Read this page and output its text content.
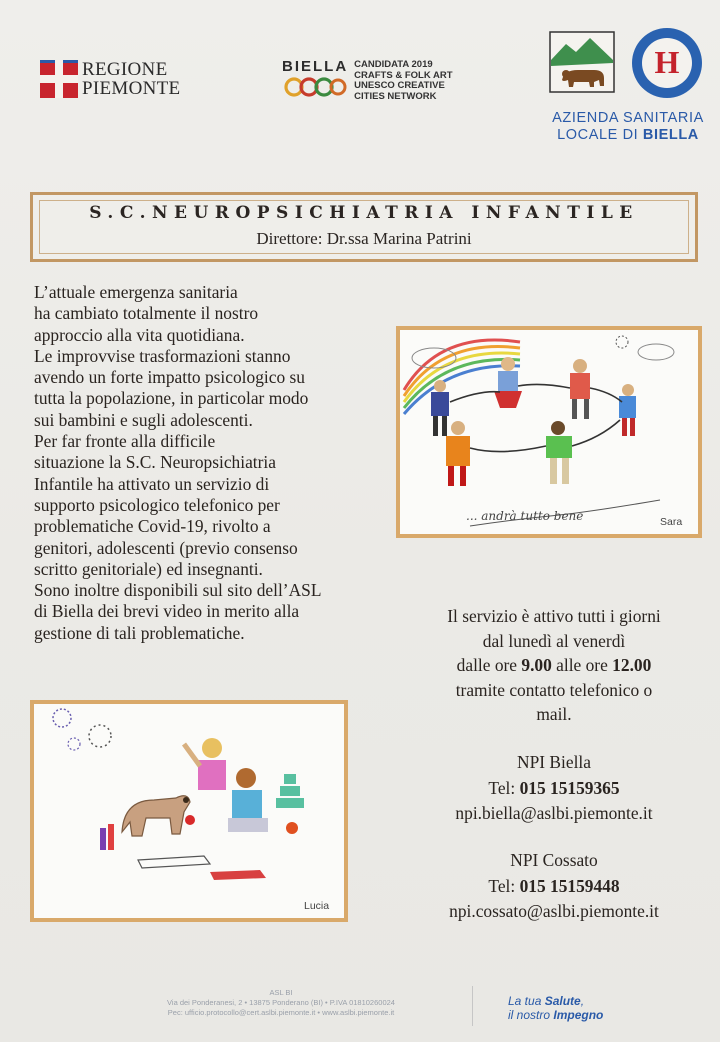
REGIONE
PIEMONTE
BIELLA CANDIDATA 2019
CRAFTS & FOLK ART
UNESCO CREATIVE
CITIES NETWORK
H
AZIENDA SANITARIA
LOCALE DI BIELLA
S.C.NEUROPSICHIATRIA INFANTILE
Direttore: Dr.ssa Marina Patrini
L’attuale emergenza sanitaria
ha cambiato totalmente il nostro
approccio alla vita quotidiana.
Le improvvise trasformazioni stanno
avendo un forte impatto psicologico su
tutta la popolazione, in particolar modo
sui bambini e sugli adolescenti.
Per far fronte alla difficile
situazione la S.C. Neuropsichiatria
Infantile ha attivato un servizio di
supporto psicologico telefonico per
problematiche Covid-19, rivolto a
genitori, adolescenti (previo consenso
scritto genitoriale) ed insegnanti.
Sono inoltre disponibili sul sito dell’ASL
di Biella dei brevi video in merito alla
gestione di tali problematiche.
... andrà tutto bene	Sara
Lucia
Il servizio è attivo tutti i giorni
dal lunedì al venerdì
dalle ore 9.00 alle ore 12.00
tramite contatto telefonico o
mail.
NPI Biella
Tel: 015 15159365
npi.biella@aslbi.piemonte.it
NPI Cossato
Tel: 015 15159448
npi.cossato@aslbi.piemonte.it
ASL BI
Via dei Ponderanesi, 2 • 13875 Ponderano (BI) • P.IVA 01810260024
Pec: ufficio.protocollo@cert.aslbi.piemonte.it • www.aslbi.piemonte.it
La tua Salute,
il nostro Impegno
